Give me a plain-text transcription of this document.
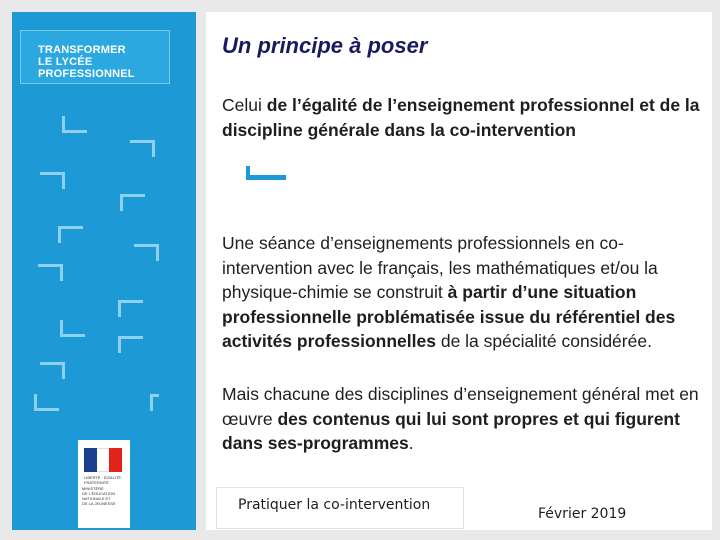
TRANSFORMER
LE LYCÉE
PROFESSIONNEL
LIBERTÉ · ÉGALITÉ · FRATERNITÉ
MINISTÈRE
DE L'ÉDUCATION
NATIONALE ET
DE LA JEUNESSE
Un principe à poser
Celui de l’égalité de l’enseignement professionnel et de la discipline générale dans la co-intervention
Une séance d’enseignements professionnels en co-intervention avec le français, les mathématiques et/ou la physique-chimie se construit à partir d’une situation professionnelle problématisée issue du référentiel des activités professionnelles de la spécialité considérée.
Mais chacune des disciplines d’enseignement général met en œuvre des contenus qui lui sont propres et qui figurent dans ses-programmes.
Pratiquer la co-intervention
Février 2019
